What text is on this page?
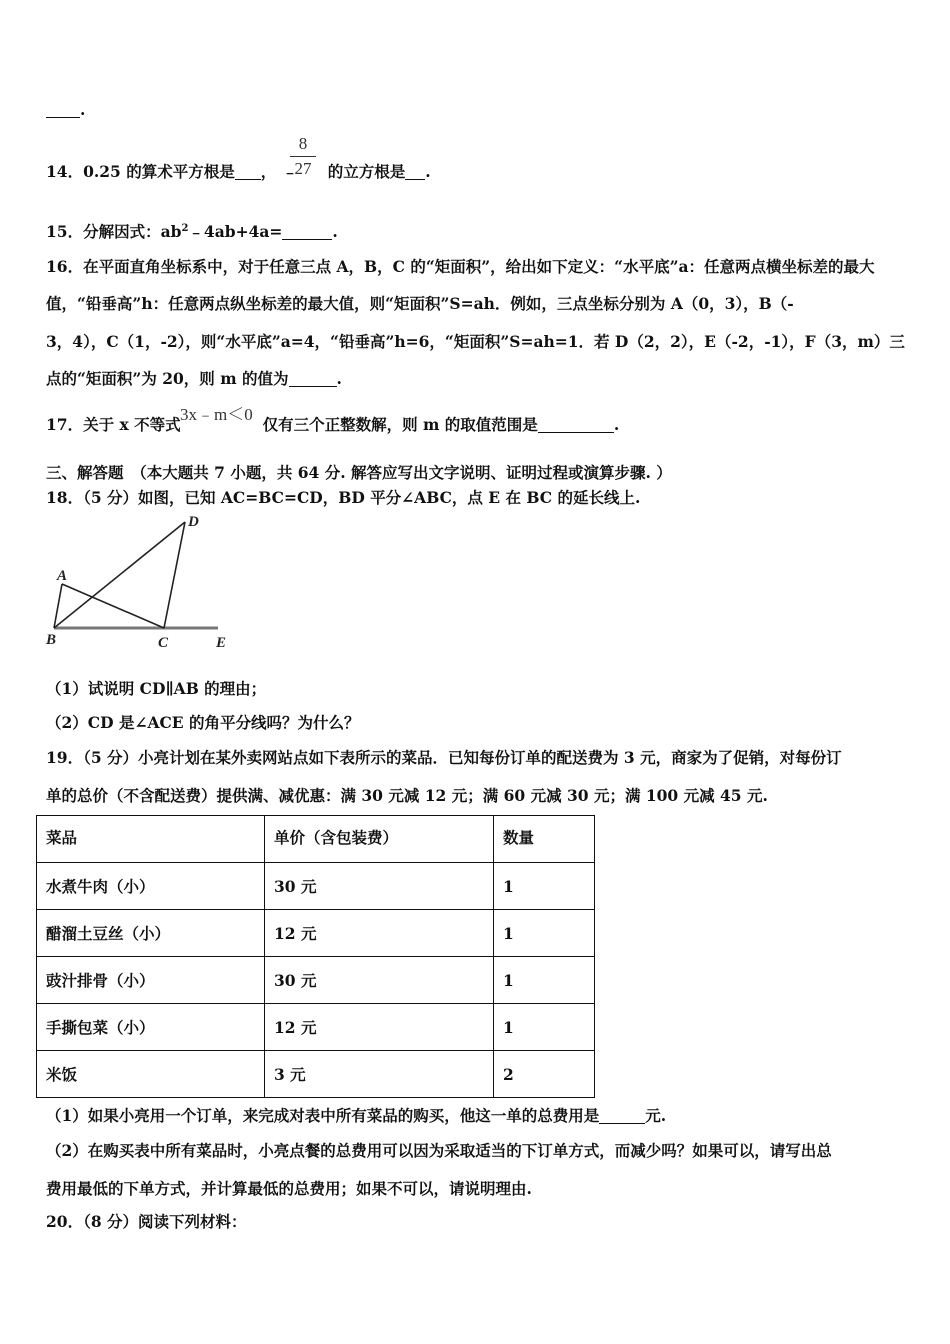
.
14．0.25 的算术平方根是 ， ﹣ 的立方根是 .
8
27
15．分解因式：$ab^2﹣4ab+4a=$	.
16．在平面直角坐标系中，对于任意三点 A，B，C 的“矩面积”，给出如下定义：“水平底”a：任意两点横坐标差的最大
值，“铅垂高”h：任意两点纵坐标差的最大值，则“矩面积”S=ah．例如，三点坐标分别为 A（0，3），B（-
3，4），C（1，-2），则“水平底”a=4，“铅垂高”h=6，“矩面积”S=ah=1．若 D（2，2），E（-2，-1），F（3，m）三
点的“矩面积”为 20，则 m 的值为	.
17．关于 x 不等式	仅有三个正整数解，则 m 的取值范围是	.
3x﹣m＜0
三、解答题　（本大题共 7 小题，共 64 分. 解答应写出文字说明、证明过程或演算步骤. ）
18．（5 分）如图，已知 AC=BC=CD，BD 平分∠ABC，点 E 在 BC 的延长线上.
D
A
B	C	E
（1）试说明 CD∥AB 的理由；
（2）CD 是∠ACE 的角平分线吗？为什么？
19．（5 分）小亮计划在某外卖网站点如下表所示的菜品．已知每份订单的配送费为 3 元，商家为了促销，对每份订
单的总价（不含配送费）提供满、减优惠：满 30 元减 12 元；满 60 元减 30 元；满 100 元减 45 元.
菜品	单价（含包装费）	数量
水煮牛肉（小）	30 元	1
醋溜土豆丝（小）	12 元	1
豉汁排骨（小）	30 元	1
手撕包菜（小）	12 元	1
米饭	3 元	2
（1）如果小亮用一个订单，来完成对表中所有菜品的购买，他这一单的总费用是	元.
（2）在购买表中所有菜品时，小亮点餐的总费用可以因为采取适当的下订单方式，而减少吗？如果可以，请写出总
费用最低的下单方式，并计算最低的总费用；如果不可以，请说明理由.
20．（8 分）阅读下列材料：
